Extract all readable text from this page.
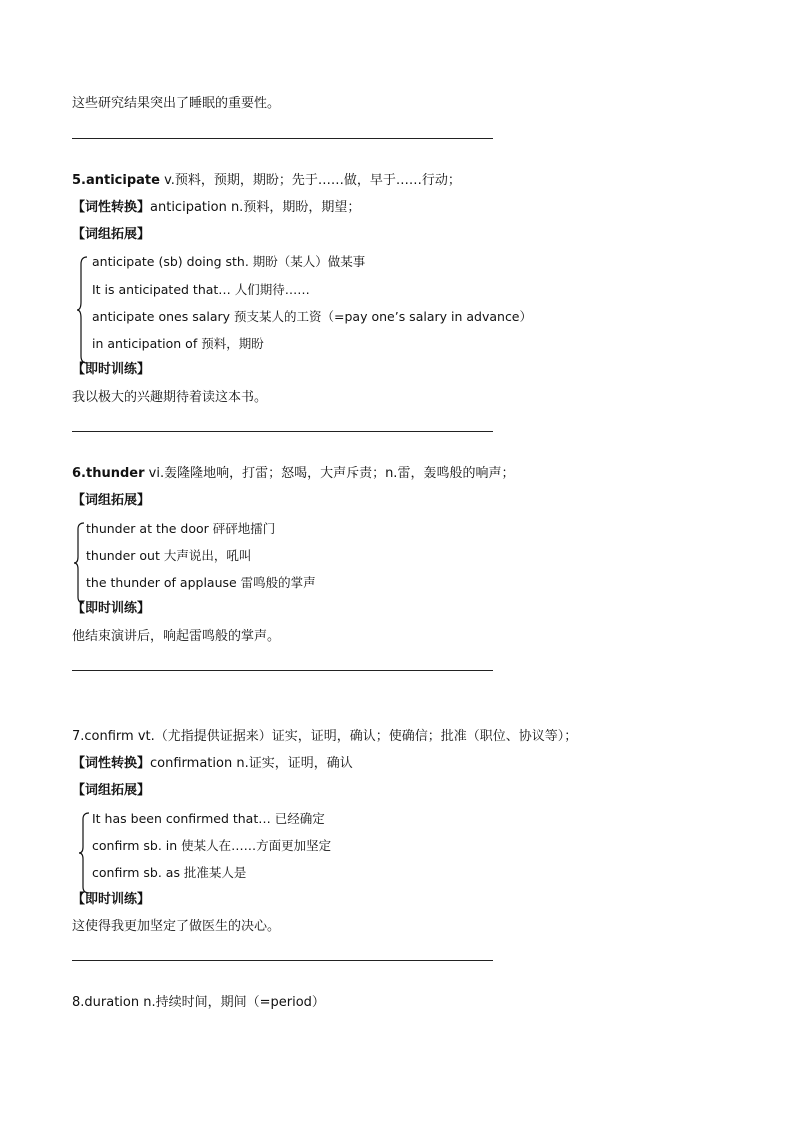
这些研究结果突出了睡眠的重要性。
5.anticipate v.预料，预期，期盼；先于……做，早于……行动；
【词性转换】anticipation n.预料，期盼，期望；
【词组拓展】
anticipate (sb) doing sth. 期盼（某人）做某事
It is anticipated that… 人们期待……
anticipate ones salary 预支某人的工资（=pay one’s salary in advance）
in anticipation of 预料，期盼
【即时训练】
我以极大的兴趣期待着读这本书。
6.thunder vi.轰隆隆地响，打雷；怒喝，大声斥责；n.雷，轰鸣般的响声；
【词组拓展】
thunder at the door 砰砰地擂门
thunder out 大声说出，吼叫
the thunder of applause 雷鸣般的掌声
【即时训练】
他结束演讲后，响起雷鸣般的掌声。
7.confirm vt.（尤指提供证据来）证实，证明，确认；使确信；批准（职位、协议等）；
【词性转换】confirmation n.证实，证明，确认
【词组拓展】
It has been confirmed that… 已经确定
confirm sb. in 使某人在……方面更加坚定
confirm sb. as 批准某人是
【即时训练】
这使得我更加坚定了做医生的决心。
8.duration n.持续时间，期间（=period）
